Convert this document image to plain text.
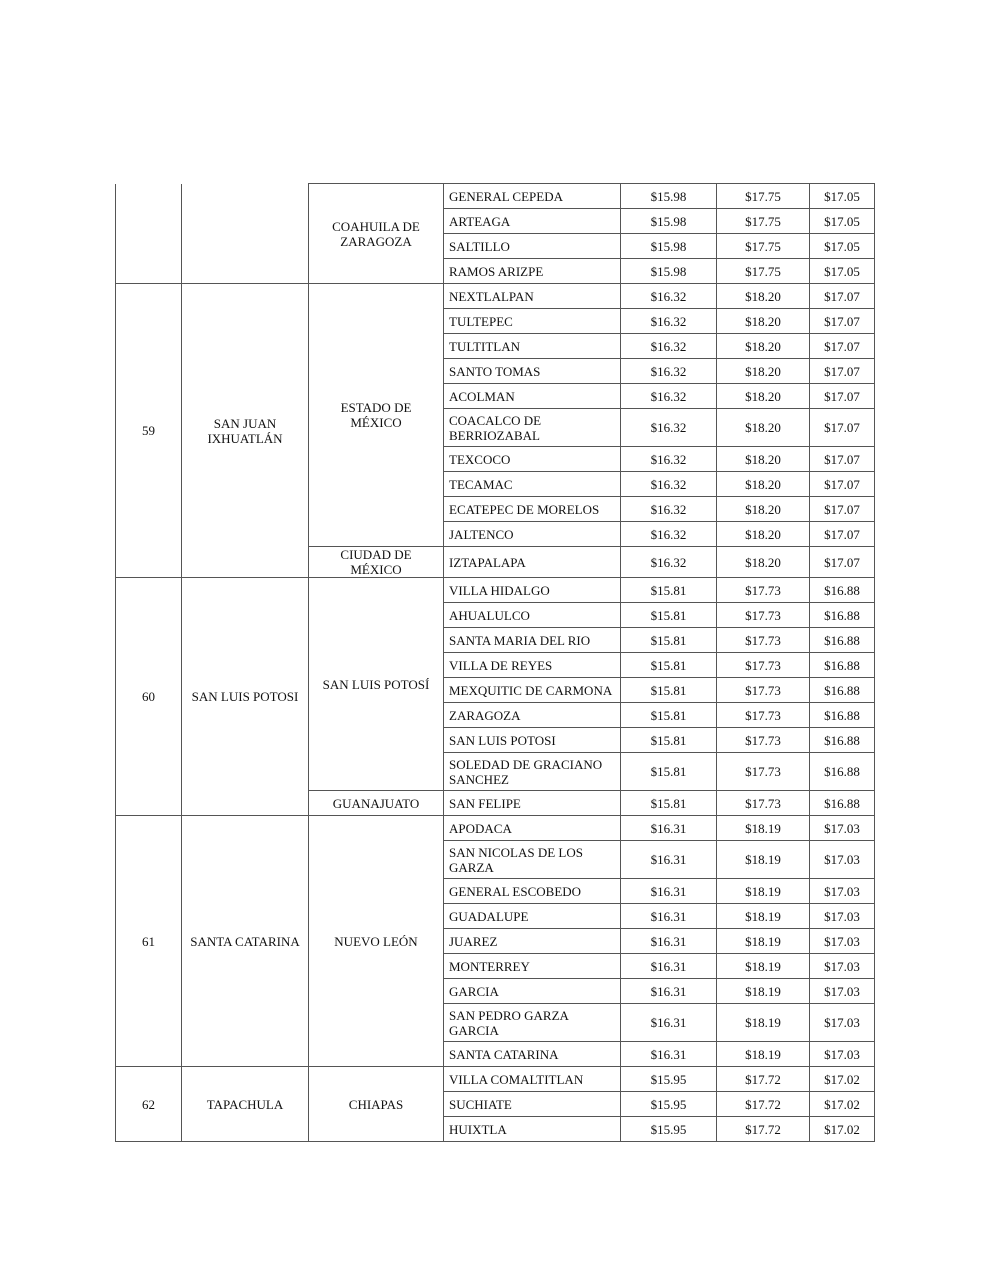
		COAHUILA DE ZARAGOZA	GENERAL CEPEDA	$15.98	$17.75	$17.05
			ARTEAGA	$15.98	$17.75	$17.05
			SALTILLO	$15.98	$17.75	$17.05
			RAMOS ARIZPE	$15.98	$17.75	$17.05
59	SAN JUAN IXHUATLÁN	ESTADO DE MÉXICO	NEXTLALPAN	$16.32	$18.20	$17.07
			TULTEPEC	$16.32	$18.20	$17.07
			TULTITLAN	$16.32	$18.20	$17.07
			SANTO TOMAS	$16.32	$18.20	$17.07
			ACOLMAN	$16.32	$18.20	$17.07
			COACALCO DE BERRIOZABAL	$16.32	$18.20	$17.07
			TEXCOCO	$16.32	$18.20	$17.07
			TECAMAC	$16.32	$18.20	$17.07
			ECATEPEC DE MORELOS	$16.32	$18.20	$17.07
			JALTENCO	$16.32	$18.20	$17.07
		CIUDAD DE MÉXICO	IZTAPALAPA	$16.32	$18.20	$17.07
60	SAN LUIS POTOSI	SAN LUIS POTOSÍ	VILLA HIDALGO	$15.81	$17.73	$16.88
			AHUALULCO	$15.81	$17.73	$16.88
			SANTA MARIA DEL RIO	$15.81	$17.73	$16.88
			VILLA DE REYES	$15.81	$17.73	$16.88
			MEXQUITIC DE CARMONA	$15.81	$17.73	$16.88
			ZARAGOZA	$15.81	$17.73	$16.88
			SAN LUIS POTOSI	$15.81	$17.73	$16.88
			SOLEDAD DE GRACIANO SANCHEZ	$15.81	$17.73	$16.88
		GUANAJUATO	SAN FELIPE	$15.81	$17.73	$16.88
61	SANTA CATARINA	NUEVO LEÓN	APODACA	$16.31	$18.19	$17.03
			SAN NICOLAS DE LOS GARZA	$16.31	$18.19	$17.03
			GENERAL ESCOBEDO	$16.31	$18.19	$17.03
			GUADALUPE	$16.31	$18.19	$17.03
			JUAREZ	$16.31	$18.19	$17.03
			MONTERREY	$16.31	$18.19	$17.03
			GARCIA	$16.31	$18.19	$17.03
			SAN PEDRO GARZA GARCIA	$16.31	$18.19	$17.03
			SANTA CATARINA	$16.31	$18.19	$17.03
62	TAPACHULA	CHIAPAS	VILLA COMALTITLAN	$15.95	$17.72	$17.02
			SUCHIATE	$15.95	$17.72	$17.02
			HUIXTLA	$15.95	$17.72	$17.02
